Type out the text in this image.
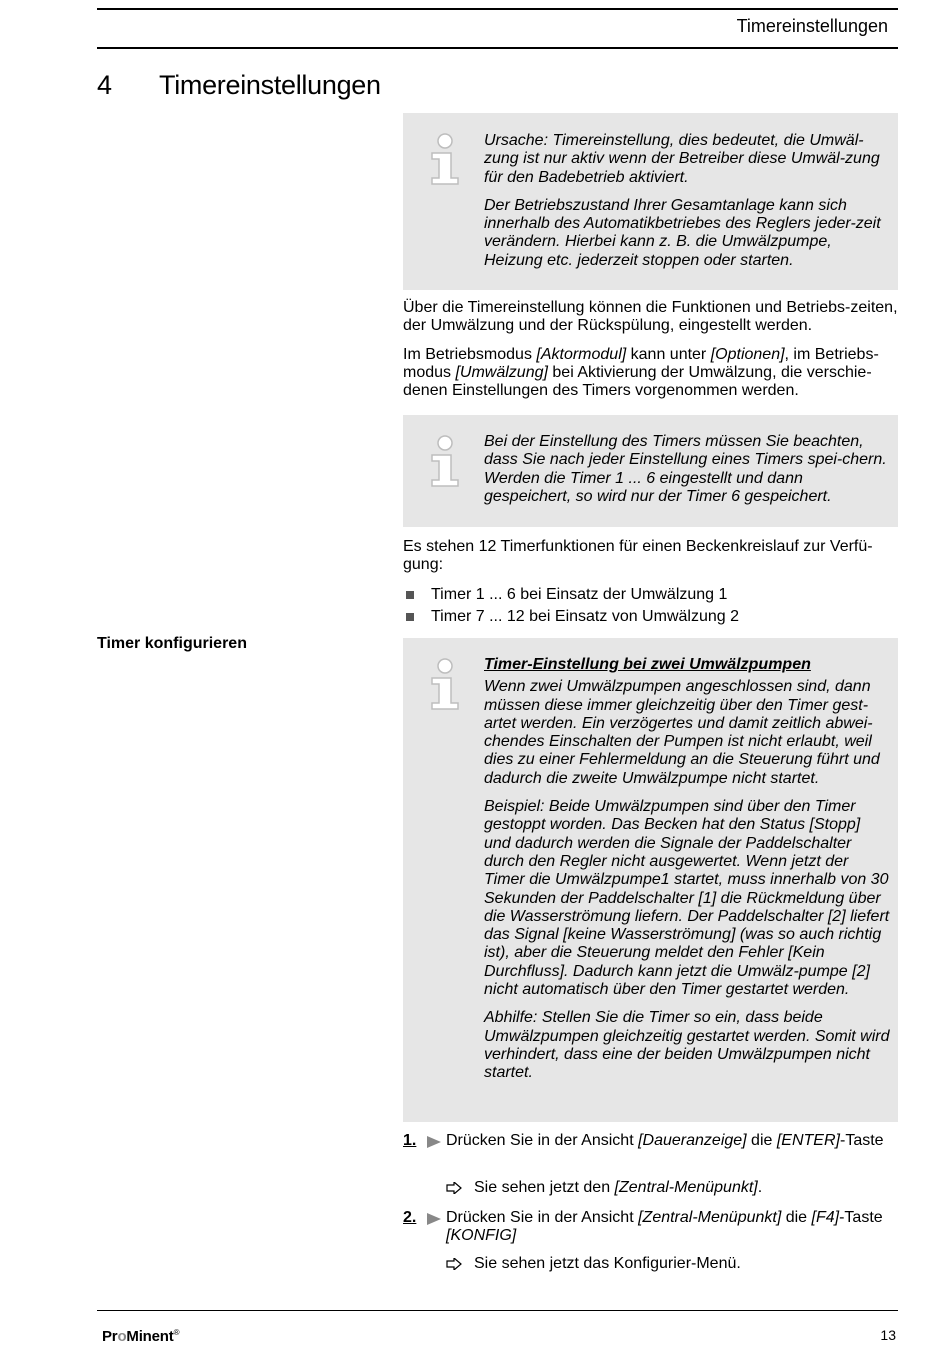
Timereinstellungen
4 Timereinstellungen

Ursache: Timereinstellung, dies bedeutet, die Umwäl-zung ist nur aktiv wenn der Betreiber diese Umwäl-zung für den Badebetrieb aktiviert.

Der Betriebszustand Ihrer Gesamtanlage kann sich innerhalb des Automatikbetriebes des Reglers jeder-zeit verändern. Hierbei kann z. B. die Umwälzpumpe, Heizung etc. jederzeit stoppen oder starten.

Über die Timereinstellung können die Funktionen und Betriebs-zeiten, der Umwälzung und der Rückspülung, eingestellt werden.

Im Betriebsmodus [Aktormodul] kann unter [Optionen], im Betriebs-modus [Umwälzung] bei Aktivierung der Umwälzung, die verschie-denen Einstellungen des Timers vorgenommen werden.

Bei der Einstellung des Timers müssen Sie beachten, dass Sie nach jeder Einstellung eines Timers spei-chern. Werden die Timer 1 ... 6 eingestellt und dann gespeichert, so wird nur der Timer 6 gespeichert.

Es stehen 12 Timerfunktionen für einen Beckenkreislauf zur Verfü-gung:
Timer 1 ... 6 bei Einsatz der Umwälzung 1
Timer 7 ... 12 bei Einsatz von Umwälzung 2
Timer konfigurieren
Timer-Einstellung bei zwei Umwälzpumpen

Wenn zwei Umwälzpumpen angeschlossen sind, dann müssen diese immer gleichzeitig über den Timer gest-artet werden. Ein verzögertes und damit zeitlich abwei-chendes Einschalten der Pumpen ist nicht erlaubt, weil dies zu einer Fehlermeldung an die Steuerung führt und dadurch die zweite Umwälzpumpe nicht startet.

Beispiel: Beide Umwälzpumpen sind über den Timer gestoppt worden. Das Becken hat den Status [Stopp] und dadurch werden die Signale der Paddelschalter durch den Regler nicht ausgewertet. Wenn jetzt der Timer die Umwälzpumpe1 startet, muss innerhalb von 30 Sekunden der Paddelschalter [1] die Rückmeldung über die Wasserströmung liefern. Der Paddelschalter [2] liefert das Signal [keine Wasserströmung] (was so auch richtig ist), aber die Steuerung meldet den Fehler [Kein Durchfluss]. Dadurch kann jetzt die Umwälz-pumpe [2] nicht automatisch über den Timer gestartet werden.

Abhilfe: Stellen Sie die Timer so ein, dass beide Umwälzpumpen gleichzeitig gestartet werden. Somit wird verhindert, dass eine der beiden Umwälzpumpen nicht startet.

1. Drücken Sie in der Ansicht [Daueranzeige] die [ENTER]-Taste
Sie sehen jetzt den [Zentral-Menüpunkt].
2. Drücken Sie in der Ansicht [Zentral-Menüpunkt] die [F4]-Taste [KONFIG]
Sie sehen jetzt das Konfigurier-Menü.
ProMinent®	13
